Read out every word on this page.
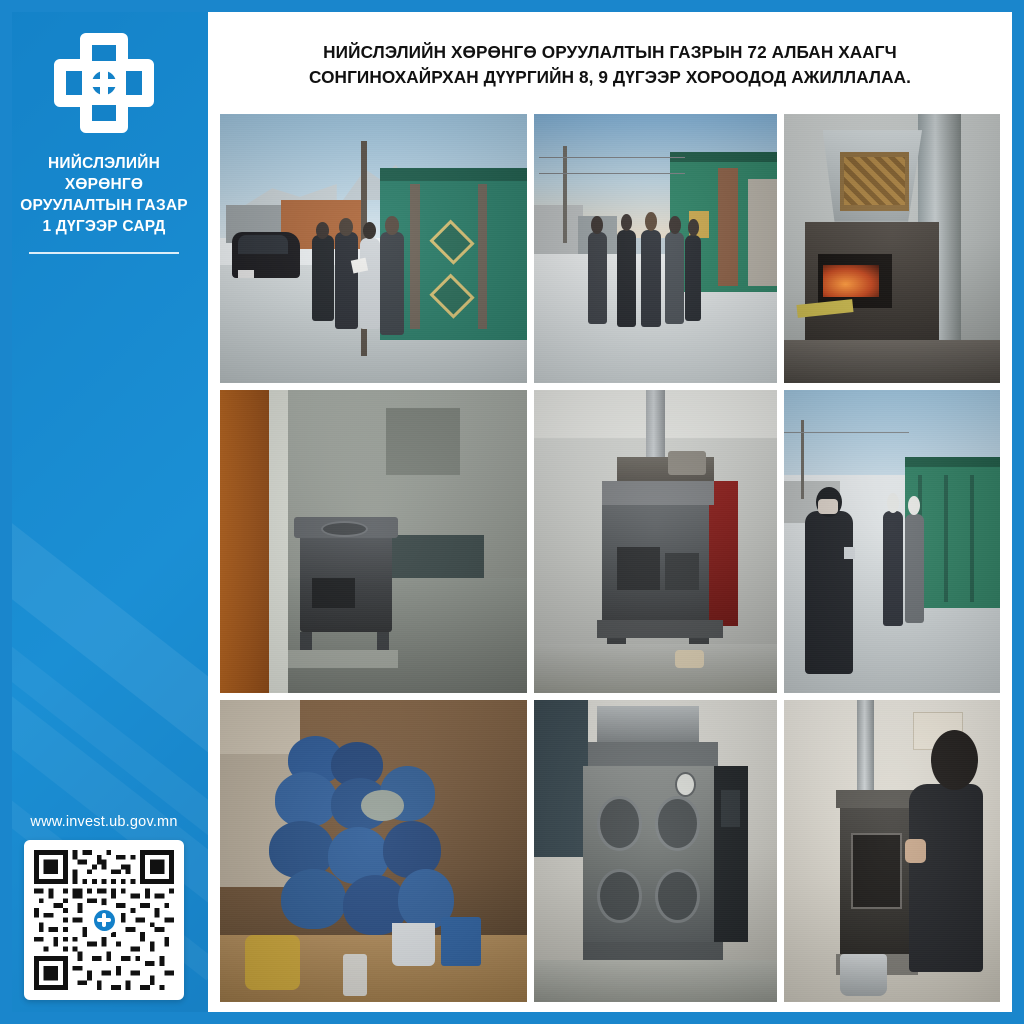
НИЙСЛЭЛИЙН
ХӨРӨНГӨ
ОРУУЛАЛТЫН ГАЗАР
1 ДҮГЭЭР САРД
www.invest.ub.gov.mn
НИЙСЛЭЛИЙН ХӨРӨНГӨ ОРУУЛАЛТЫН ГАЗРЫН 72 АЛБАН ХААГЧ
СОНГИНОХАЙРХАН ДҮҮРГИЙН 8, 9 ДҮГЭЭР ХОРООДОД АЖИЛЛАЛАА.
